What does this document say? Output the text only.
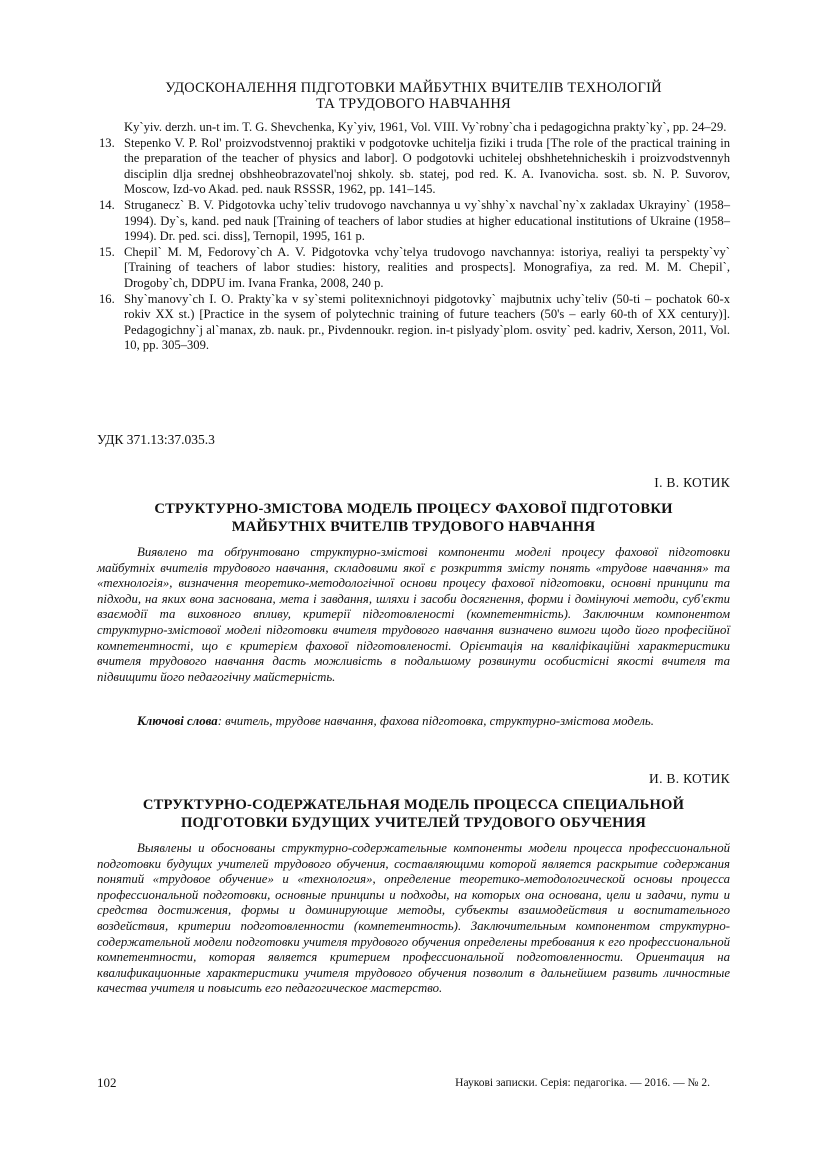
УДОСКОНАЛЕННЯ ПІДГОТОВКИ МАЙБУТНІХ ВЧИТЕЛІВ ТЕХНОЛОГІЙ
ТА ТРУДОВОГО НАВЧАННЯ
Ky`yiv. derzh. un-t im. T. G. Shevchenka, Ky`yiv, 1961, Vol. VIII. Vy`robny`cha i pedagogichna prakty`ky`, pp. 24–29.
13. Stepenko V. P. Rol' proizvodstvennoj praktiki v podgotovke uchitelja fiziki i truda [The role of the practical training in the preparation of the teacher of physics and labor]. O podgotovki uchitelej obshhetehnicheskih i proizvodstvennyh disciplin dlja srednej obshheobrazovatel'noj shkoly. sb. statej, pod red. K. A. Ivanovicha. sost. sb. N. P. Suvorov, Moscow, Izd-vo Akad. ped. nauk RSSSR, 1962, pp. 141–145.
14. Struganecz` B. V. Pidgotovka uchy`teliv trudovogo navchannya u vy`shhy`x navchal`ny`x zakladax Ukrayiny` (1958–1994). Dy`s, kand. ped nauk [Training of teachers of labor studies at higher educational institutions of Ukraine (1958–1994). Dr. ped. sci. diss], Ternopil, 1995, 161 p.
15. Chepil` M. M, Fedorovy`ch A. V. Pidgotovka vchy`telya trudovogo navchannya: istoriya, realiyi ta perspekty`vy` [Training of teachers of labor studies: history, realities and prospects]. Monografiya, za red. M. M. Chepil`, Drogoby`ch, DDPU im. Ivana Franka, 2008, 240 p.
16. Shy`manovy`ch I. O. Prakty`ka v sy`stemi politexnichnoyi pidgotovky` majbutnix uchy`teliv (50-ti – pochatok 60-x rokiv XX st.) [Practice in the sysem of polytechnic training of future teachers (50's – early 60-th of XX century)]. Pedagogichny`j al`manax, zb. nauk. pr., Pivdennoukr. region. in-t pislyady`plom. osvity` ped. kadriv, Xerson, 2011, Vol. 10, pp. 305–309.
УДК 371.13:37.035.3
І. В. КОТИК
СТРУКТУРНО-ЗМІСТОВА МОДЕЛЬ ПРОЦЕСУ ФАХОВОЇ ПІДГОТОВКИ
МАЙБУТНІХ ВЧИТЕЛІВ ТРУДОВОГО НАВЧАННЯ
Виявлено та обґрунтовано структурно-змістові компоненти моделі процесу фахової підготовки майбутніх вчителів трудового навчання, складовими якої є розкриття змісту понять «трудове навчання» та «технологія», визначення теоретико-методологічної основи процесу фахової підготовки, основні принципи та підходи, на яких вона заснована, мета і завдання, шляхи і засоби досягнення, форми і домінуючі методи, суб'єкти взаємодії та виховного впливу, критерії підготовленості (компетентність). Заключним компонентом структурно-змістової моделі підготовки вчителя трудового навчання визначено вимоги щодо його професійної компетентності, що є критерієм фахової підготовленості. Орієнтація на кваліфікаційні характеристики вчителя трудового навчання дасть можливість в подальшому розвинути особистісні якості вчителя та підвищити його педагогічну майстерність.
Ключові слова: вчитель, трудове навчання, фахова підготовка, структурно-змістова модель.
И. В. КОТИК
СТРУКТУРНО-СОДЕРЖАТЕЛЬНАЯ МОДЕЛЬ ПРОЦЕССА СПЕЦИАЛЬНОЙ
ПОДГОТОВКИ БУДУЩИХ УЧИТЕЛЕЙ ТРУДОВОГО ОБУЧЕНИЯ
Выявлены и обоснованы структурно-содержательные компоненты модели процесса профессиональной подготовки будущих учителей трудового обучения, составляющими которой является раскрытие содержания понятий «трудовое обучение» и «технология», определение теоретико-методологической основы процесса профессиональной подготовки, основные принципы и подходы, на которых она основана, цели и задачи, пути и средства достижения, формы и доминирующие методы, субъекты взаимодействия и воспитательного воздействия, критерии подготовленности (компетентность). Заключительным компонентом структурно-содержательной модели подготовки учителя трудового обучения определены требования к его профессиональной компетентности, которая является критерием профессиональной подготовленности. Ориентация на квалификационные характеристики учителя трудового обучения позволит в дальнейшем развить личностные качества учителя и повысить его педагогическое мастерство.
102	Наукові записки. Серія: педагогіка. — 2016. — № 2.
